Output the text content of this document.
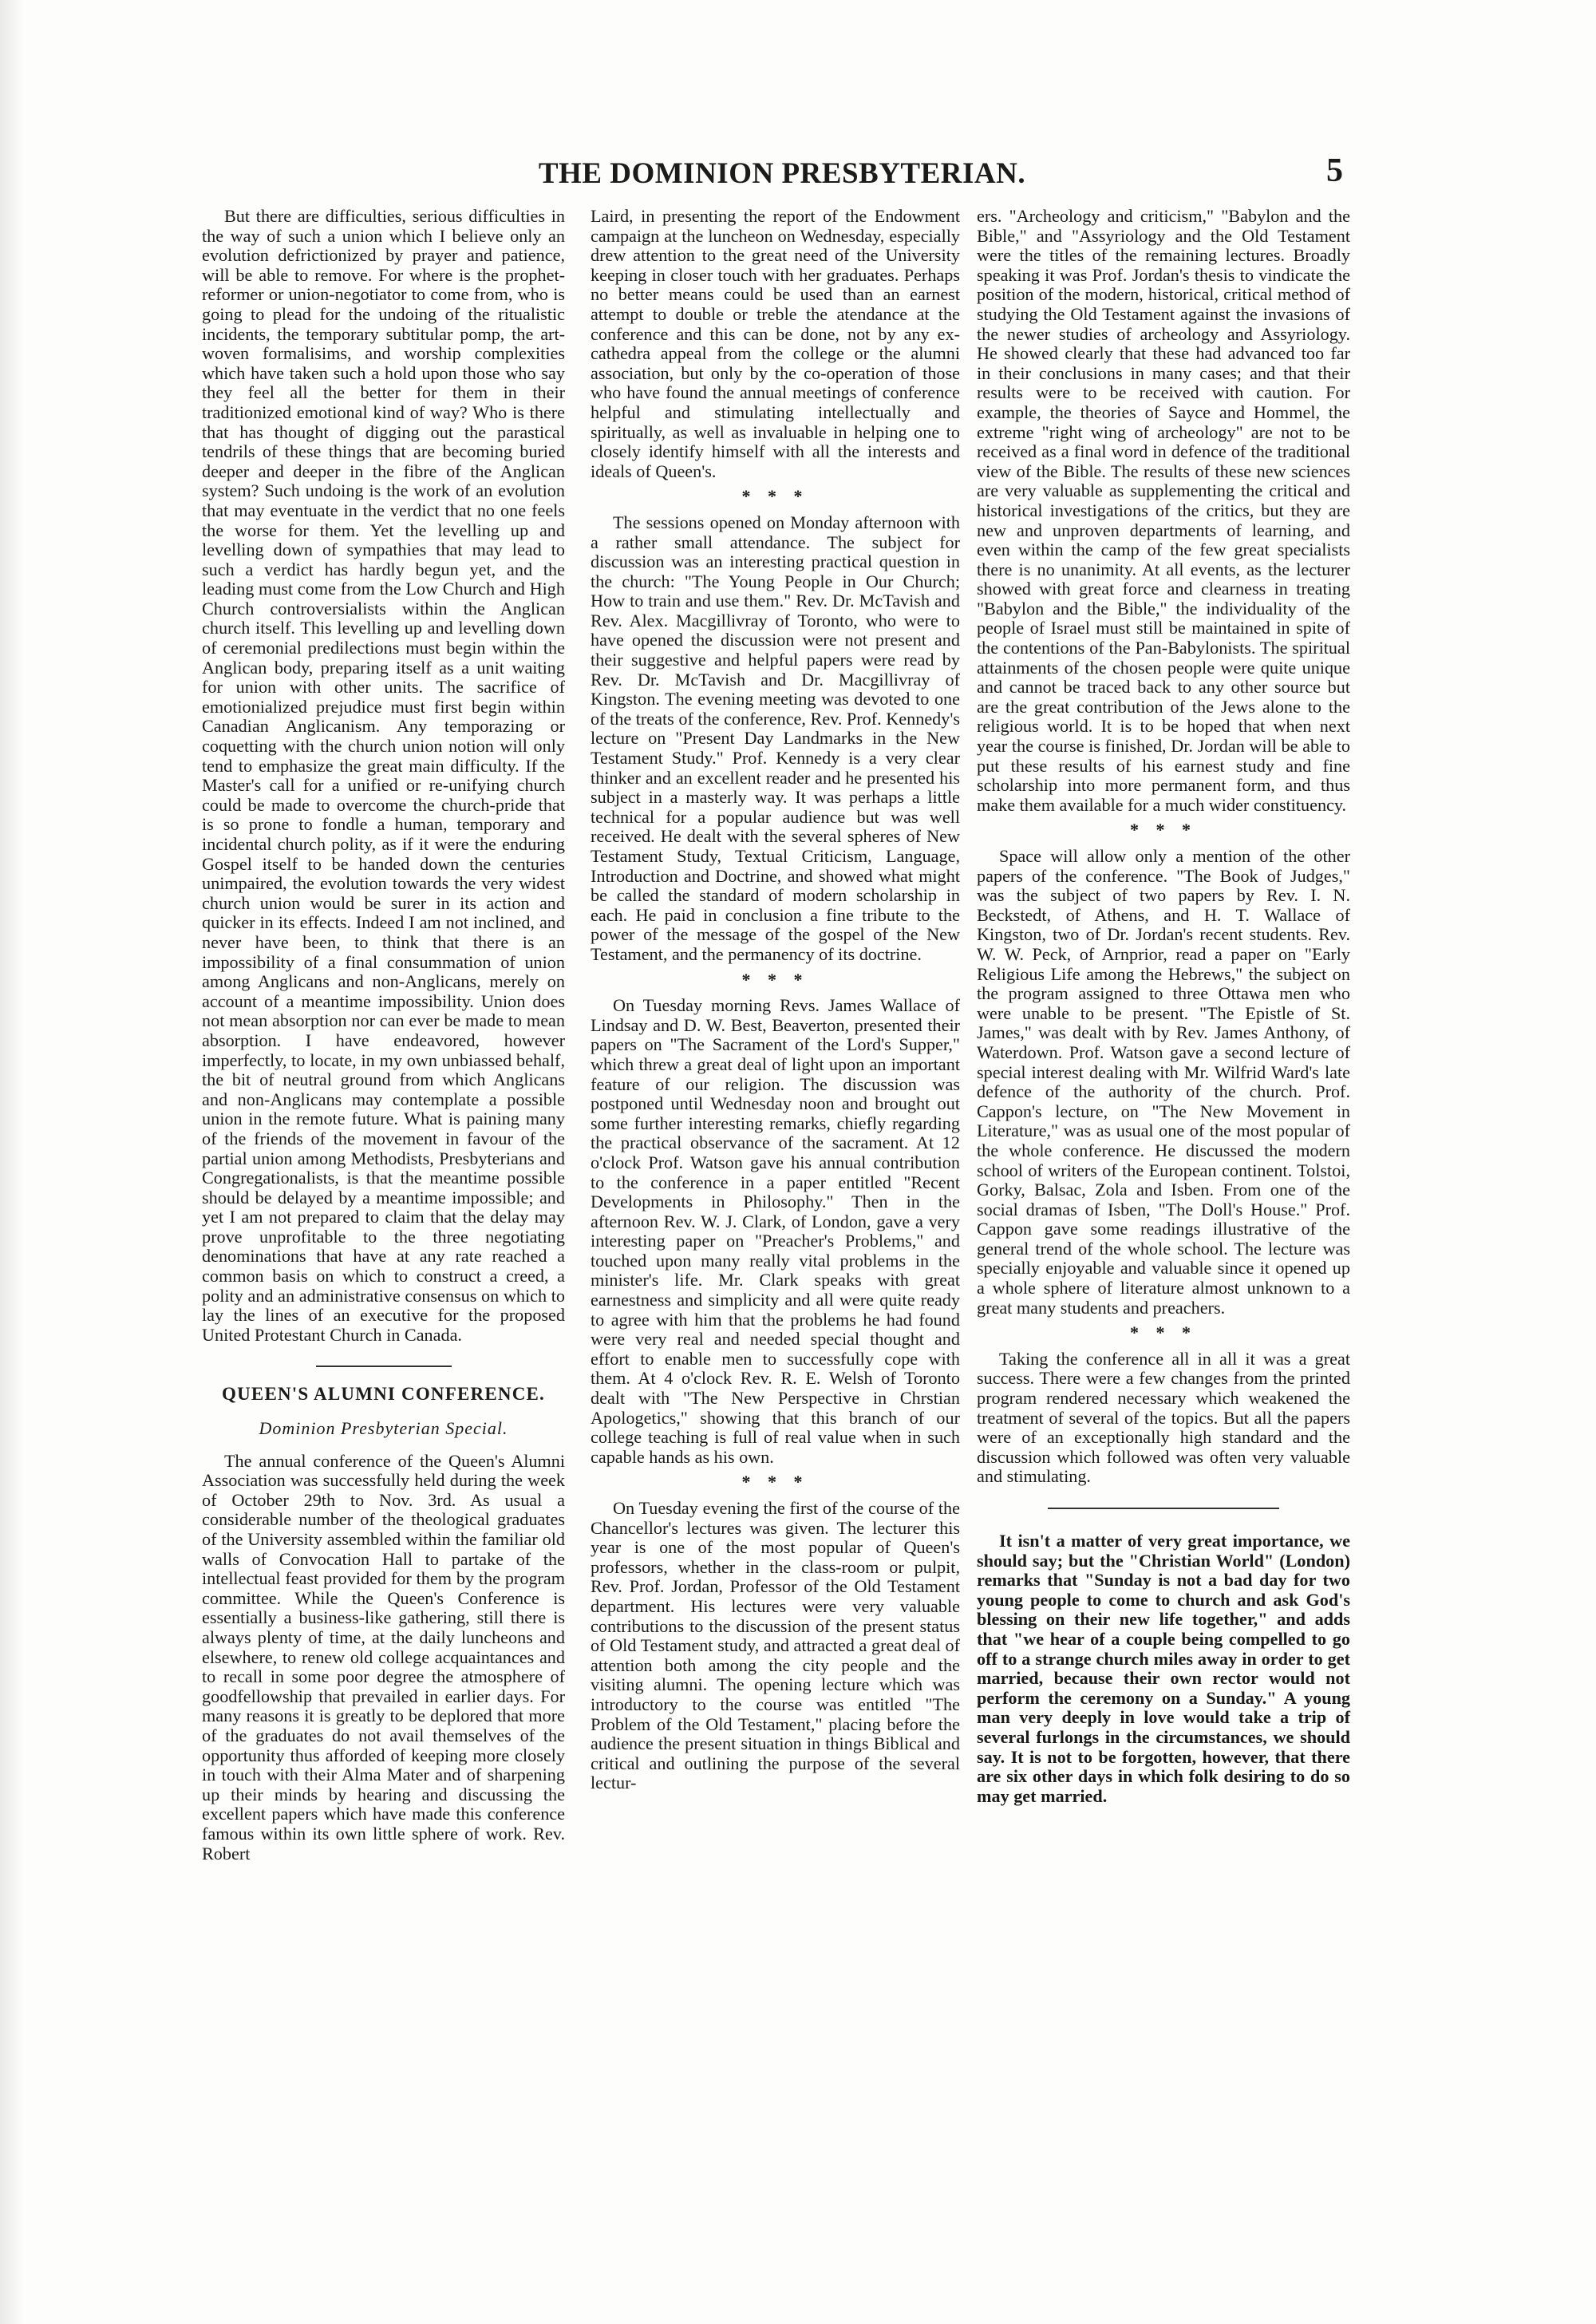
THE DOMINION PRESBYTERIAN.	5

But there are difficulties, serious difficulties in the way of such a union which I believe only an evolution defrictionized by prayer and patience, will be able to remove. For where is the prophet-reformer or union-negotiator to come from, who is going to plead for the undoing of the ritualistic incidents, the temporary subtitular pomp, the art-woven formalisims, and worship complexities which have taken such a hold upon those who say they feel all the better for them in their traditionized emotional kind of way? Who is there that has thought of digging out the parastical tendrils of these things that are becoming buried deeper and deeper in the fibre of the Anglican system? Such undoing is the work of an evolution that may eventuate in the verdict that no one feels the worse for them. Yet the levelling up and levelling down of sympathies that may lead to such a verdict has hardly begun yet, and the leading must come from the Low Church and High Church controversialists within the Anglican church itself. This levelling up and levelling down of ceremonial predilections must begin within the Anglican body, preparing itself as a unit waiting for union with other units. The sacrifice of emotionialized prejudice must first begin within Canadian Anglicanism. Any temporazing or coquetting with the church union notion will only tend to emphasize the great main difficulty. If the Master's call for a unified or re-unifying church could be made to overcome the church-pride that is so prone to fondle a human, temporary and incidental church polity, as if it were the enduring Gospel itself to be handed down the centuries unimpaired, the evolution towards the very widest church union would be surer in its action and quicker in its effects. Indeed I am not inclined, and never have been, to think that there is an impossibility of a final consummation of union among Anglicans and non-Anglicans, merely on account of a meantime impossibility. Union does not mean absorption nor can ever be made to mean absorption. I have endeavored, however imperfectly, to locate, in my own unbiassed behalf, the bit of neutral ground from which Anglicans and non-Anglicans may contemplate a possible union in the remote future. What is paining many of the friends of the movement in favour of the partial union among Methodists, Presbyterians and Congregationalists, is that the meantime possible should be delayed by a meantime impossible; and yet I am not prepared to claim that the delay may prove unprofitable to the three negotiating denominations that have at any rate reached a common basis on which to construct a creed, a polity and an administrative consensus on which to lay the lines of an executive for the proposed United Protestant Church in Canada.

QUEEN'S ALUMNI CONFERENCE.
Dominion Presbyterian Special.

The annual conference of the Queen's Alumni Association was successfully held during the week of October 29th to Nov. 3rd. As usual a considerable number of the theological graduates of the University assembled within the familiar old walls of Convocation Hall to partake of the intellectual feast provided for them by the program committee. While the Queen's Conference is essentially a business-like gathering, still there is always plenty of time, at the daily luncheons and elsewhere, to renew old college acquaintances and to recall in some poor degree the atmosphere of goodfellowship that prevailed in earlier days. For many reasons it is greatly to be deplored that more of the graduates do not avail themselves of the opportunity thus afforded of keeping more closely in touch with their Alma Mater and of sharpening up their minds by hearing and discussing the excellent papers which have made this conference famous within its own little sphere of work. Rev. Robert

Laird, in presenting the report of the Endowment campaign at the luncheon on Wednesday, especially drew attention to the great need of the University keeping in closer touch with her graduates. Perhaps no better means could be used than an earnest attempt to double or treble the atendance at the conference and this can be done, not by any ex-cathedra appeal from the college or the alumni association, but only by the co-operation of those who have found the annual meetings of conference helpful and stimulating intellectually and spiritually, as well as invaluable in helping one to closely identify himself with all the interests and ideals of Queen's.

* * *

The sessions opened on Monday afternoon with a rather small attendance. The subject for discussion was an interesting practical question in the church: "The Young People in Our Church; How to train and use them." Rev. Dr. McTavish and Rev. Alex. Macgillivray of Toronto, who were to have opened the discussion were not present and their suggestive and helpful papers were read by Rev. Dr. McTavish and Dr. Macgillivray of Kingston. The evening meeting was devoted to one of the treats of the conference, Rev. Prof. Kennedy's lecture on "Present Day Landmarks in the New Testament Study." Prof. Kennedy is a very clear thinker and an excellent reader and he presented his subject in a masterly way. It was perhaps a little technical for a popular audience but was well received. He dealt with the several spheres of New Testament Study, Textual Criticism, Language, Introduction and Doctrine, and showed what might be called the standard of modern scholarship in each. He paid in conclusion a fine tribute to the power of the message of the gospel of the New Testament, and the permanency of its doctrine.

* * *

On Tuesday morning Revs. James Wallace of Lindsay and D. W. Best, Beaverton, presented their papers on "The Sacrament of the Lord's Supper," which threw a great deal of light upon an important feature of our religion. The discussion was postponed until Wednesday noon and brought out some further interesting remarks, chiefly regarding the practical observance of the sacrament. At 12 o'clock Prof. Watson gave his annual contribution to the conference in a paper entitled "Recent Developments in Philosophy." Then in the afternoon Rev. W. J. Clark, of London, gave a very interesting paper on "Preacher's Problems," and touched upon many really vital problems in the minister's life. Mr. Clark speaks with great earnestness and simplicity and all were quite ready to agree with him that the problems he had found were very real and needed special thought and effort to enable men to successfully cope with them. At 4 o'clock Rev. R. E. Welsh of Toronto dealt with "The New Perspective in Chrstian Apologetics," showing that this branch of our college teaching is full of real value when in such capable hands as his own.

* * *

On Tuesday evening the first of the course of the Chancellor's lectures was given. The lecturer this year is one of the most popular of Queen's professors, whether in the class-room or pulpit, Rev. Prof. Jordan, Professor of the Old Testament department. His lectures were very valuable contributions to the discussion of the present status of Old Testament study, and attracted a great deal of attention both among the city people and the visiting alumni. The opening lecture which was introductory to the course was entitled "The Problem of the Old Testament," placing before the audience the present situation in things Biblical and critical and outlining the purpose of the several lectur-

ers. "Archeology and criticism," "Babylon and the Bible," and "Assyriology and the Old Testament were the titles of the remaining lectures. Broadly speaking it was Prof. Jordan's thesis to vindicate the position of the modern, historical, critical method of studying the Old Testament against the invasions of the newer studies of archeology and Assyriology. He showed clearly that these had advanced too far in their conclusions in many cases; and that their results were to be received with caution. For example, the theories of Sayce and Hommel, the extreme "right wing of archeology" are not to be received as a final word in defence of the traditional view of the Bible. The results of these new sciences are very valuable as supplementing the critical and historical investigations of the critics, but they are new and unproven departments of learning, and even within the camp of the few great specialists there is no unanimity. At all events, as the lecturer showed with great force and clearness in treating "Babylon and the Bible," the individuality of the people of Israel must still be maintained in spite of the contentions of the Pan-Babylonists. The spiritual attainments of the chosen people were quite unique and cannot be traced back to any other source but are the great contribution of the Jews alone to the religious world. It is to be hoped that when next year the course is finished, Dr. Jordan will be able to put these results of his earnest study and fine scholarship into more permanent form, and thus make them available for a much wider constituency.

* * *

Space will allow only a mention of the other papers of the conference. "The Book of Judges," was the subject of two papers by Rev. I. N. Beckstedt, of Athens, and H. T. Wallace of Kingston, two of Dr. Jordan's recent students. Rev. W. W. Peck, of Arnprior, read a paper on "Early Religious Life among the Hebrews," the subject on the program assigned to three Ottawa men who were unable to be present. "The Epistle of St. James," was dealt with by Rev. James Anthony, of Waterdown. Prof. Watson gave a second lecture of special interest dealing with Mr. Wilfrid Ward's late defence of the authority of the church. Prof. Cappon's lecture, on "The New Movement in Literature," was as usual one of the most popular of the whole conference. He discussed the modern school of writers of the European continent. Tolstoi, Gorky, Balsac, Zola and Isben. From one of the social dramas of Isben, "The Doll's House." Prof. Cappon gave some readings illustrative of the general trend of the whole school. The lecture was specially enjoyable and valuable since it opened up a whole sphere of literature almost unknown to a great many students and preachers.

* * *

Taking the conference all in all it was a great success. There were a few changes from the printed program rendered necessary which weakened the treatment of several of the topics. But all the papers were of an exceptionally high standard and the discussion which followed was often very valuable and stimulating.

It isn't a matter of very great importance, we should say; but the "Christian World" (London) remarks that "Sunday is not a bad day for two young people to come to church and ask God's blessing on their new life together," and adds that "we hear of a couple being compelled to go off to a strange church miles away in order to get married, because their own rector would not perform the ceremony on a Sunday." A young man very deeply in love would take a trip of several furlongs in the circumstances, we should say. It is not to be forgotten, however, that there are six other days in which folk desiring to do so may get married.
